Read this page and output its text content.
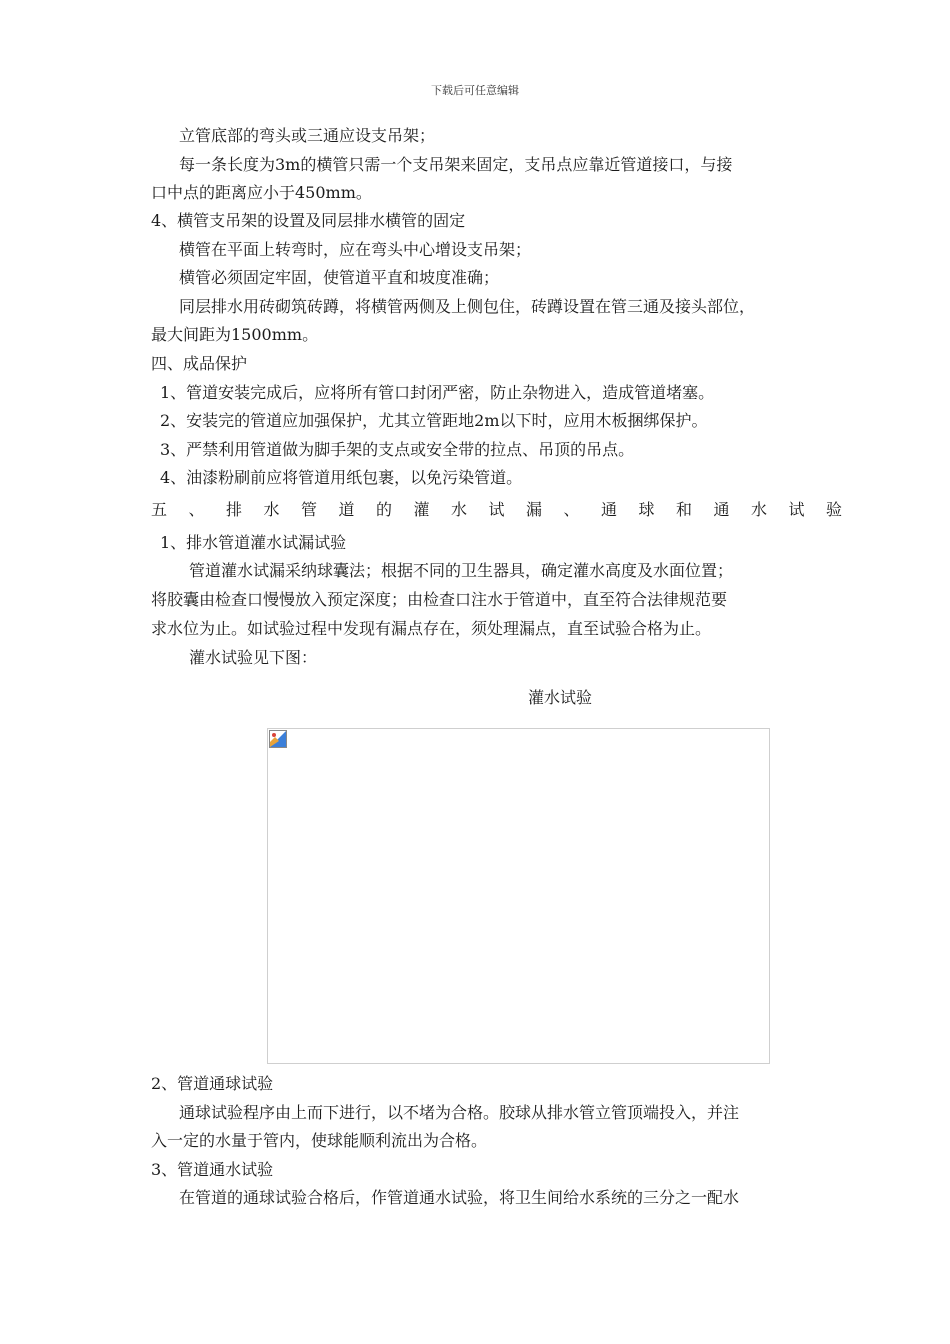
下载后可任意编辑
立管底部的弯头或三通应设支吊架；
每一条长度为3m的横管只需一个支吊架来固定，支吊点应靠近管道接口，与接
口中点的距离应小于450mm。
4、横管支吊架的设置及同层排水横管的固定
横管在平面上转弯时，应在弯头中心增设支吊架；
横管必须固定牢固，使管道平直和坡度准确；
同层排水用砖砌筑砖蹲，将横管两侧及上侧包住，砖蹲设置在管三通及接头部位，
最大间距为1500mm。
四、成品保护
1、管道安装完成后，应将所有管口封闭严密，防止杂物进入，造成管道堵塞。
2、安装完的管道应加强保护，尤其立管距地2m以下时，应用木板捆绑保护。
3、严禁利用管道做为脚手架的支点或安全带的拉点、吊顶的吊点。
4、油漆粉刷前应将管道用纸包裹，以免污染管道。
五、排水管道的灌水试漏、通球和通水试验
1、排水管道灌水试漏试验
管道灌水试漏采纳球囊法；根据不同的卫生器具，确定灌水高度及水面位置；
将胶囊由检查口慢慢放入预定深度；由检查口注水于管道中，直至符合法律规范要
求水位为止。如试验过程中发现有漏点存在，须处理漏点，直至试验合格为止。
灌水试验见下图：
灌水试验
2、管道通球试验
通球试验程序由上而下进行，以不堵为合格。胶球从排水管立管顶端投入，并注
入一定的水量于管内，使球能顺利流出为合格。
3、管道通水试验
在管道的通球试验合格后，作管道通水试验，将卫生间给水系统的三分之一配水
